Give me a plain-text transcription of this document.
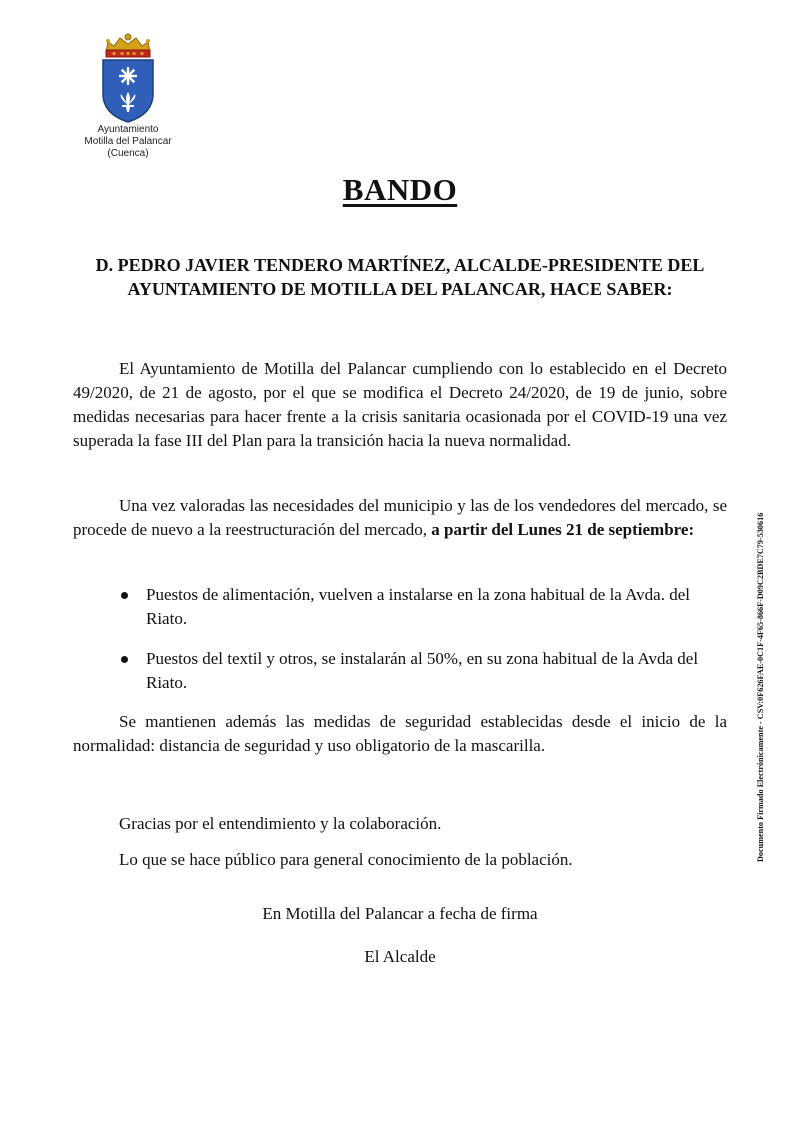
Ayuntamiento
Motilla del Palancar
(Cuenca)
BANDO
D. PEDRO JAVIER TENDERO MARTÍNEZ, ALCALDE-PRESIDENTE DEL
AYUNTAMIENTO DE MOTILLA DEL PALANCAR, HACE SABER:
El Ayuntamiento de Motilla del Palancar cumpliendo con lo establecido en el Decreto 49/2020, de 21 de agosto, por el que se modifica el Decreto 24/2020, de 19 de junio, sobre medidas necesarias para hacer frente a la crisis sanitaria ocasionada por el COVID-19 una vez superada la fase III del Plan para la transición hacia la nueva normalidad.
Una vez valoradas las necesidades del municipio y las de los vendedores del mercado, se procede de nuevo a la reestructuración del mercado, a partir del Lunes 21 de septiembre:
Puestos de alimentación, vuelven a instalarse en la zona habitual de la Avda. del Riato.
Puestos del textil y otros, se instalarán al 50%, en su zona habitual de la Avda del Riato.
Se mantienen además las medidas de seguridad establecidas desde el inicio de la normalidad: distancia de seguridad y uso obligatorio de la mascarilla.
Gracias por el entendimiento y la colaboración.
Lo que se hace público para general conocimiento de la población.
En Motilla del Palancar a fecha de firma
El Alcalde
Documento Firmado Electrónicamente - CSV:0F626FAE-0C1F-4F65-866F-D09C2BDE7C79-530616
